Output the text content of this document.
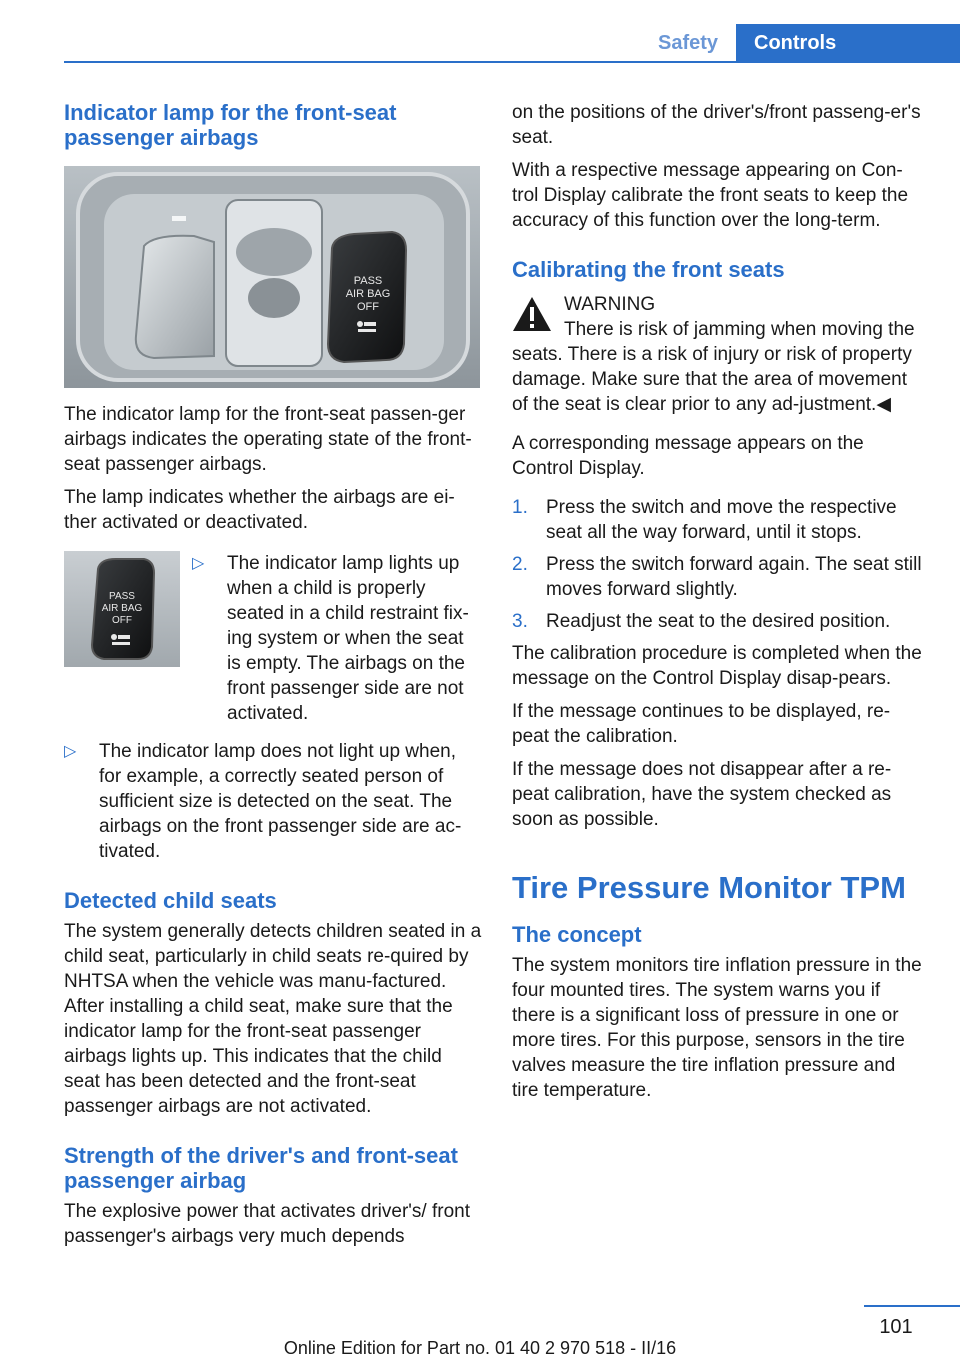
Safety	Controls
Indicator lamp for the front-seat passenger airbags
PASS
AIR BAG
OFF

The indicator lamp for the front-seat passen-ger airbags indicates the operating state of the front-seat passenger airbags.

The lamp indicates whether the airbags are ei-ther activated or deactivated.

PASS
AIR BAG
OFF
▷ The indicator lamp lights up when a child is properly seated in a child restraint fix-ing system or when the seat is empty. The airbags on the front passenger side are not activated.
▷ The indicator lamp does not light up when, for example, a correctly seated person of sufficient size is detected on the seat. The airbags on the front passenger side are ac-tivated.
Detected child seats

The system generally detects children seated in a child seat, particularly in child seats re-quired by NHTSA when the vehicle was manu-factured. After installing a child seat, make sure that the indicator lamp for the front-seat passenger airbags lights up. This indicates that the child seat has been detected and the front-seat passenger airbags are not activated.

Strength of the driver's and front-seat passenger airbag

The explosive power that activates driver's/ front passenger's airbags very much depends

on the positions of the driver's/front passeng-er's seat.

With a respective message appearing on Con-trol Display calibrate the front seats to keep the accuracy of this function over the long-term.

Calibrating the front seats

WARNING

There is risk of jamming when moving the seats. There is a risk of injury or risk of property damage. Make sure that the area of movement of the seat is clear prior to any ad-justment.◀

A corresponding message appears on the Control Display.

1. Press the switch and move the respective seat all the way forward, until it stops.
2. Press the switch forward again. The seat still moves forward slightly.
3. Readjust the seat to the desired position.

The calibration procedure is completed when the message on the Control Display disap-pears.

If the message continues to be displayed, re-peat the calibration.

If the message does not disappear after a re-peat calibration, have the system checked as soon as possible.

Tire Pressure Monitor TPM
The concept

The system monitors tire inflation pressure in the four mounted tires. The system warns you if there is a significant loss of pressure in one or more tires. For this purpose, sensors in the tire valves measure the tire inflation pressure and tire temperature.

101
Online Edition for Part no. 01 40 2 970 518 - II/16
